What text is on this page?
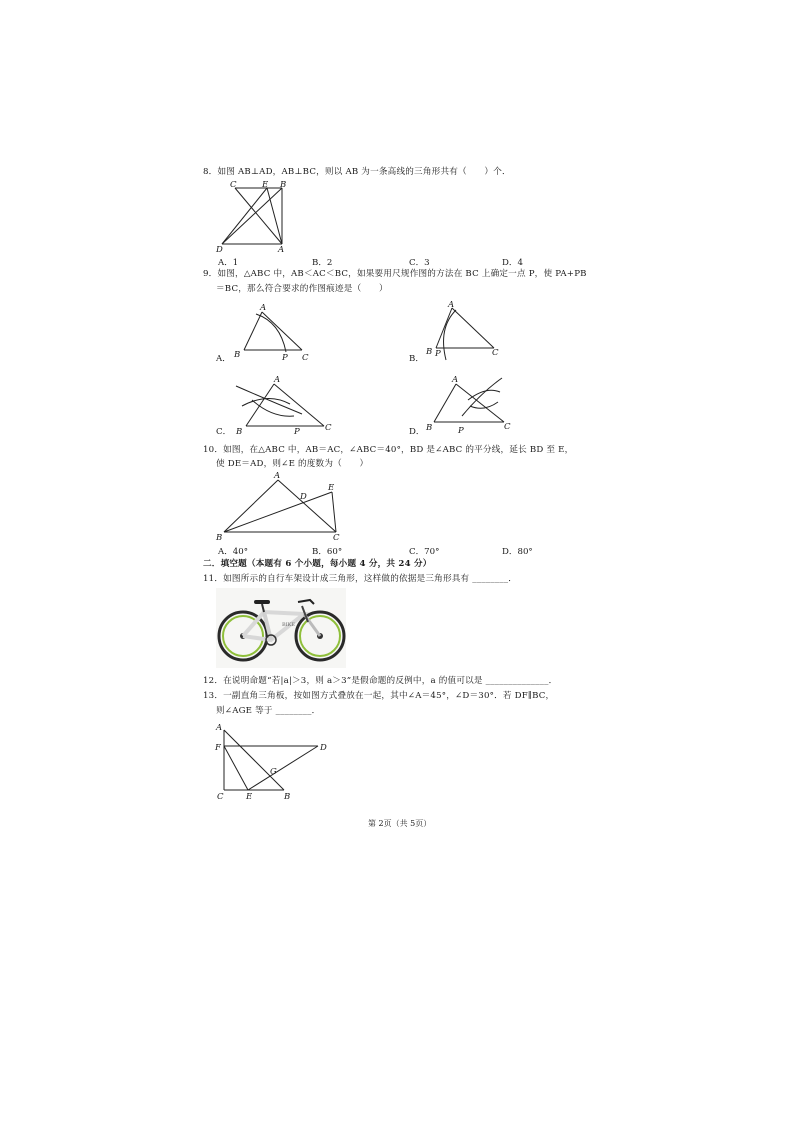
8．如图 AB⊥AD，AB⊥BC，则以 AB 为一条高线的三角形共有（　　）个．
C	E B
D	A
A．1	B．2	C．3	D．4
9．如图，△ABC 中，AB＜AC＜BC，如果要用尺规作图的方法在 BC 上确定一点 P，使 PA+PB
＝BC，那么符合要求的作图痕迹是（　　）
A．
A
B	P C	B．
A
B P	C
C．
A
B	P	C	D．
A
B	P	C
10．如图，在△ABC 中，AB＝AC，∠ABC＝40°，BD 是∠ABC 的平分线，延长 BD 至 E，
使 DE＝AD，则∠E 的度数为（　　）
A
E
D
B	C
A．40°	B．60°	C．70°	D．80°
二．填空题（本题有 6 个小题，每小题 4 分，共 24 分）
11．如图所示的自行车架设计成三角形，这样做的依据是三角形具有 ________．
BIKE
12．在说明命题“若|a|＞3，则 a＞3”是假命题的反例中，a 的值可以是 ______________．
13．一副直角三角板，按如图方式叠放在一起，其中∠A＝45°，∠D＝30°．若 DF∥BC，
则∠AGE 等于 ________．
A
F	D
G
C	E	B
第 2页（共 5页）
